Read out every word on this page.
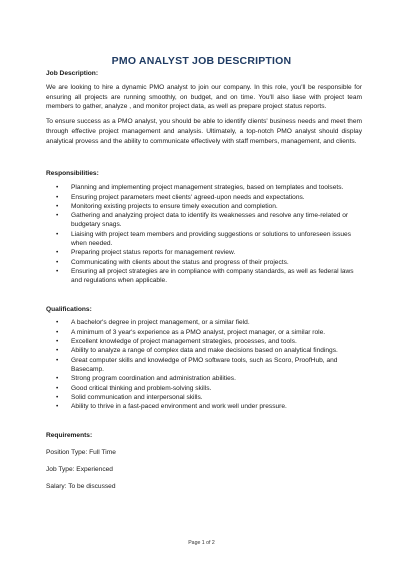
PMO ANALYST JOB DESCRIPTION
Job Description:

We are looking to hire a dynamic PMO analyst to join our company. In this role, you'll be responsible for ensuring all projects are running smoothly, on budget, and on time. You'll also liase with project team members to gather, analyze , and monitor project data, as well as prepare project status reports.

To ensure success as a PMO analyst, you should be able to identify clients' business needs and meet them through effective project management and analysis. Ultimately, a top-notch PMO analyst should display analytical provess and the ability to communicate effectively with staff members, management, and clients.

Responsibilities:
• Planning and implementing project management strategies, based on templates and toolsets.
• Ensuring project parameters meet clients' agreed-upon needs and expectations.
• Monitoring existing projects to ensure timely execution and completion.
• Gathering and analyzing project data to identify its weaknesses and resolve any time-related or budgetary snags.
• Liaising with project team members and providing suggestions or solutions to unforeseen issues when needed.
• Preparing project status reports for management review.
• Communicating with clients about the status and progress of their projects.
• Ensuring all project strategies are in compliance with company standards, as well as federal laws and regulations when applicable.
Qualifications:
• A bachelor's degree in project management, or a similar field.
• A minimum of 3 year's experience as a PMO analyst, project manager, or a similar role.
• Excellent knowledge of project management strategies, processes, and tools.
• Ability to analyze a range of complex data and make decisions based on analytical findings.
• Great computer skills and knowledge of PMO software tools, such as Scoro, ProofHub, and Basecamp.
• Strong program coordination and administration abilities.
• Good critical thinking and problem-solving skills.
• Solid communication and interpersonal skills.
• Ability to thrive in a fast-paced environment and work well under pressure.
Requirements:
Position Type: Full Time
Job Type: Experienced
Salary: To be discussed
Page 1 of 2
